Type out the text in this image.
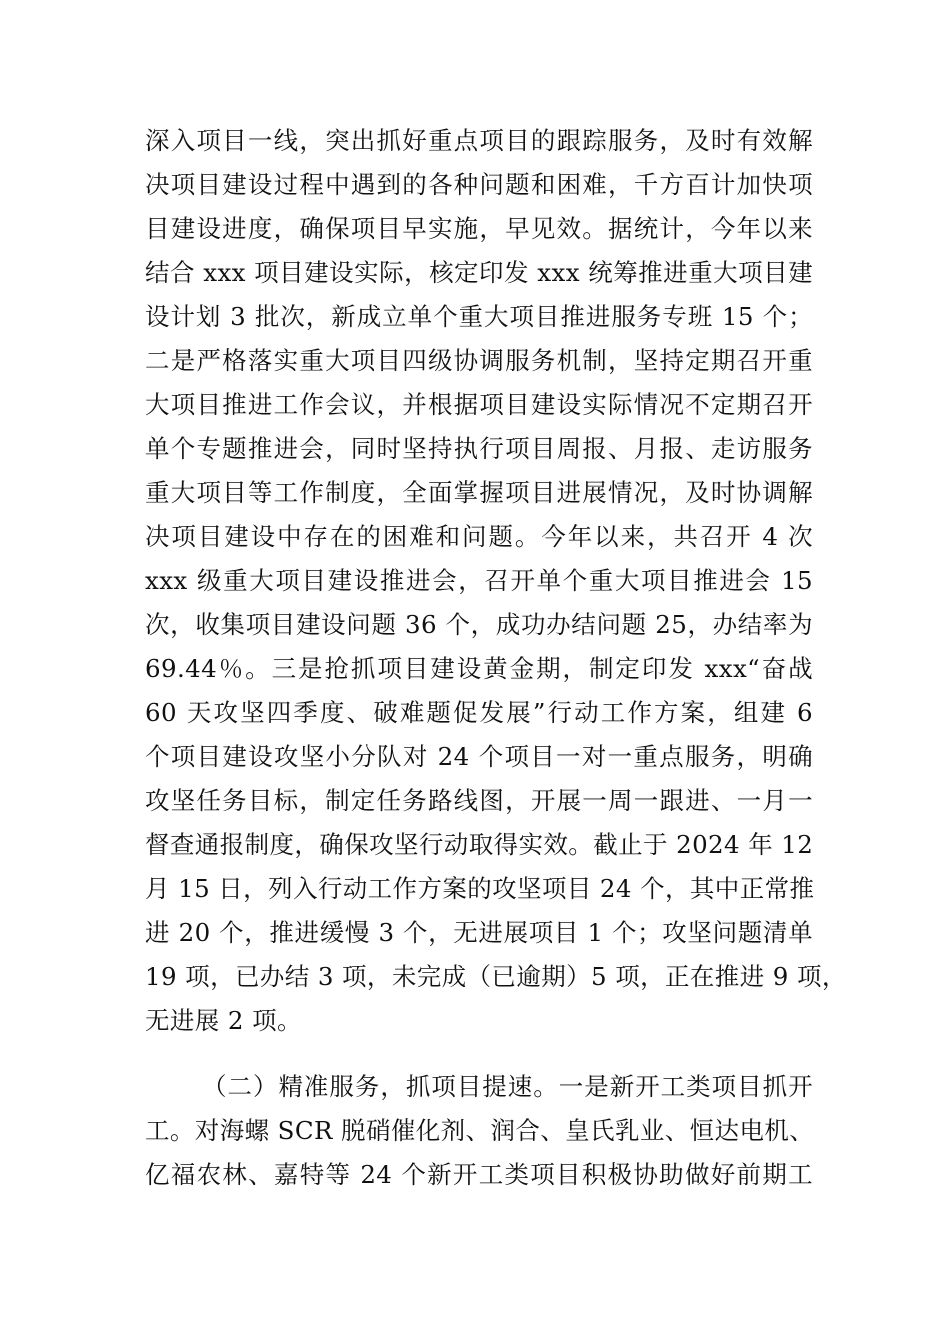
深入项目一线，突出抓好重点项目的跟踪服务，及时有效解
决项目建设过程中遇到的各种问题和困难，千方百计加快项
目建设进度，确保项目早实施，早见效。据统计，今年以来
结合 xxx 项目建设实际，核定印发 xxx 统筹推进重大项目建
设计划 3 批次，新成立单个重大项目推进服务专班 15 个；
二是严格落实重大项目四级协调服务机制，坚持定期召开重
大项目推进工作会议，并根据项目建设实际情况不定期召开
单个专题推进会，同时坚持执行项目周报、月报、走访服务
重大项目等工作制度，全面掌握项目进展情况，及时协调解
决项目建设中存在的困难和问题。今年以来，共召开 4 次
xxx 级重大项目建设推进会，召开单个重大项目推进会 15
次，收集项目建设问题 36 个，成功办结问题 25，办结率为
69.44％。三是抢抓项目建设黄金期，制定印发 xxx“奋战
60 天攻坚四季度、破难题促发展”行动工作方案，组建 6
个项目建设攻坚小分队对 24 个项目一对一重点服务，明确
攻坚任务目标，制定任务路线图，开展一周一跟进、一月一
督查通报制度，确保攻坚行动取得实效。截止于 2024 年 12
月 15 日，列入行动工作方案的攻坚项目 24 个，其中正常推
进 20 个，推进缓慢 3 个，无进展项目 1 个；攻坚问题清单
19 项，已办结 3 项，未完成（已逾期）5 项，正在推进 9 项，
无进展 2 项。
（二）精准服务，抓项目提速。一是新开工类项目抓开
工。对海螺 SCR 脱硝催化剂、润合、皇氏乳业、恒达电机、
亿福农林、嘉特等 24 个新开工类项目积极协助做好前期工
